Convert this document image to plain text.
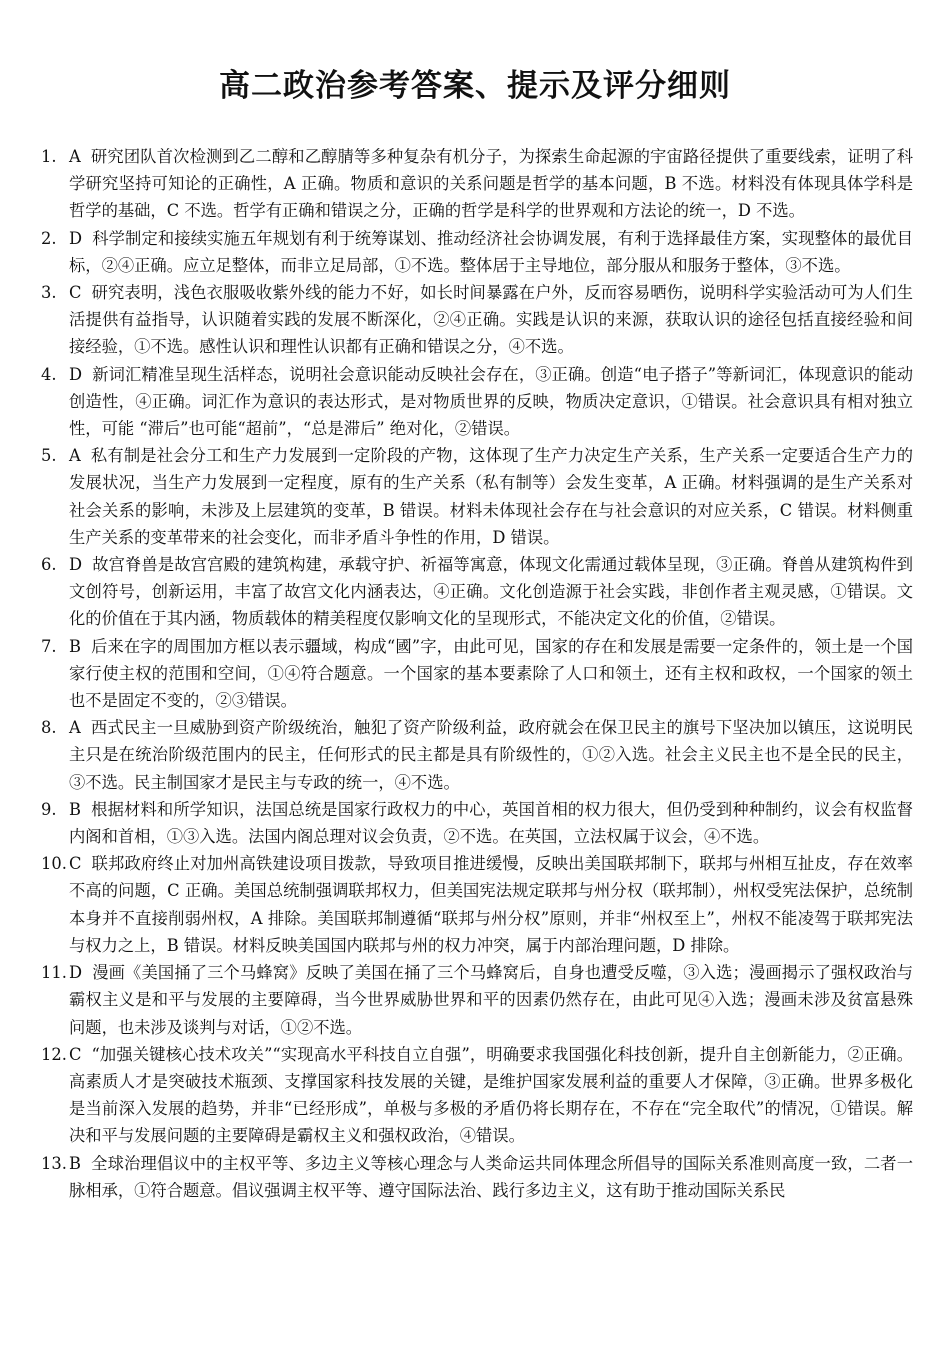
高二政治参考答案、提示及评分细则

1. A 研究团队首次检测到乙二醇和乙醇腈等多种复杂有机分子，为探索生命起源的宇宙路径提供了重要线索，证明了科学研究坚持可知论的正确性，A 正确。物质和意识的关系问题是哲学的基本问题，B 不选。材料没有体现具体学科是哲学的基础，C 不选。哲学有正确和错误之分，正确的哲学是科学的世界观和方法论的统一，D 不选。

2. D 科学制定和接续实施五年规划有利于统筹谋划、推动经济社会协调发展，有利于选择最佳方案，实现整体的最优目标，②④正确。应立足整体，而非立足局部，①不选。整体居于主导地位，部分服从和服务于整体，③不选。

3. C 研究表明，浅色衣服吸收紫外线的能力不好，如长时间暴露在户外，反而容易晒伤，说明科学实验活动可为人们生活提供有益指导，认识随着实践的发展不断深化，②④正确。实践是认识的来源，获取认识的途径包括直接经验和间接经验，①不选。感性认识和理性认识都有正确和错误之分，④不选。

4. D 新词汇精准呈现生活样态，说明社会意识能动反映社会存在，③正确。创造“电子搭子”等新词汇，体现意识的能动创造性，④正确。词汇作为意识的表达形式，是对物质世界的反映，物质决定意识，①错误。社会意识具有相对独立性，可能 “滞后”也可能“超前”，“总是滞后” 绝对化，②错误。

5. A 私有制是社会分工和生产力发展到一定阶段的产物，这体现了生产力决定生产关系，生产关系一定要适合生产力的发展状况，当生产力发展到一定程度，原有的生产关系（私有制等）会发生变革，A 正确。材料强调的是生产关系对社会关系的影响，未涉及上层建筑的变革，B 错误。材料未体现社会存在与社会意识的对应关系，C 错误。材料侧重生产关系的变革带来的社会变化，而非矛盾斗争性的作用，D 错误。

6. D 故宫脊兽是故宫宫殿的建筑构建，承载守护、祈福等寓意，体现文化需通过载体呈现，③正确。脊兽从建筑构件到文创符号，创新运用，丰富了故宫文化内涵表达，④正确。文化创造源于社会实践，非创作者主观灵感，①错误。文化的价值在于其内涵，物质载体的精美程度仅影响文化的呈现形式，不能决定文化的价值，②错误。

7. B 后来在字的周围加方框以表示疆域，构成“國”字，由此可见，国家的存在和发展是需要一定条件的，领土是一个国家行使主权的范围和空间，①④符合题意。一个国家的基本要素除了人口和领土，还有主权和政权，一个国家的领土也不是固定不变的，②③错误。

8. A 西式民主一旦威胁到资产阶级统治，触犯了资产阶级利益，政府就会在保卫民主的旗号下坚决加以镇压，这说明民主只是在统治阶级范围内的民主，任何形式的民主都是具有阶级性的，①②入选。社会主义民主也不是全民的民主，③不选。民主制国家才是民主与专政的统一，④不选。

9. B 根据材料和所学知识，法国总统是国家行政权力的中心，英国首相的权力很大，但仍受到种种制约，议会有权监督内阁和首相，①③入选。法国内阁总理对议会负责，②不选。在英国，立法权属于议会，④不选。

10. C 联邦政府终止对加州高铁建设项目拨款，导致项目推进缓慢，反映出美国联邦制下，联邦与州相互扯皮，存在效率不高的问题，C 正确。美国总统制强调联邦权力，但美国宪法规定联邦与州分权（联邦制），州权受宪法保护，总统制本身并不直接削弱州权，A 排除。美国联邦制遵循“联邦与州分权”原则，并非“州权至上”，州权不能凌驾于联邦宪法与权力之上，B 错误。材料反映美国国内联邦与州的权力冲突，属于内部治理问题，D 排除。

11. D 漫画《美国捅了三个马蜂窝》反映了美国在捅了三个马蜂窝后，自身也遭受反噬，③入选；漫画揭示了强权政治与霸权主义是和平与发展的主要障碍，当今世界威胁世界和平的因素仍然存在，由此可见④入选；漫画未涉及贫富悬殊问题，也未涉及谈判与对话，①②不选。

12. C “加强关键核心技术攻关”“实现高水平科技自立自强”，明确要求我国强化科技创新，提升自主创新能力，②正确。高素质人才是突破技术瓶颈、支撑国家科技发展的关键，是维护国家发展利益的重要人才保障，③正确。世界多极化是当前深入发展的趋势，并非“已经形成”，单极与多极的矛盾仍将长期存在，不存在“完全取代”的情况，①错误。解决和平与发展问题的主要障碍是霸权主义和强权政治，④错误。

13. B 全球治理倡议中的主权平等、多边主义等核心理念与人类命运共同体理念所倡导的国际关系准则高度一致，二者一脉相承，①符合题意。倡议强调主权平等、遵守国际法治、践行多边主义，这有助于推动国际关系民
